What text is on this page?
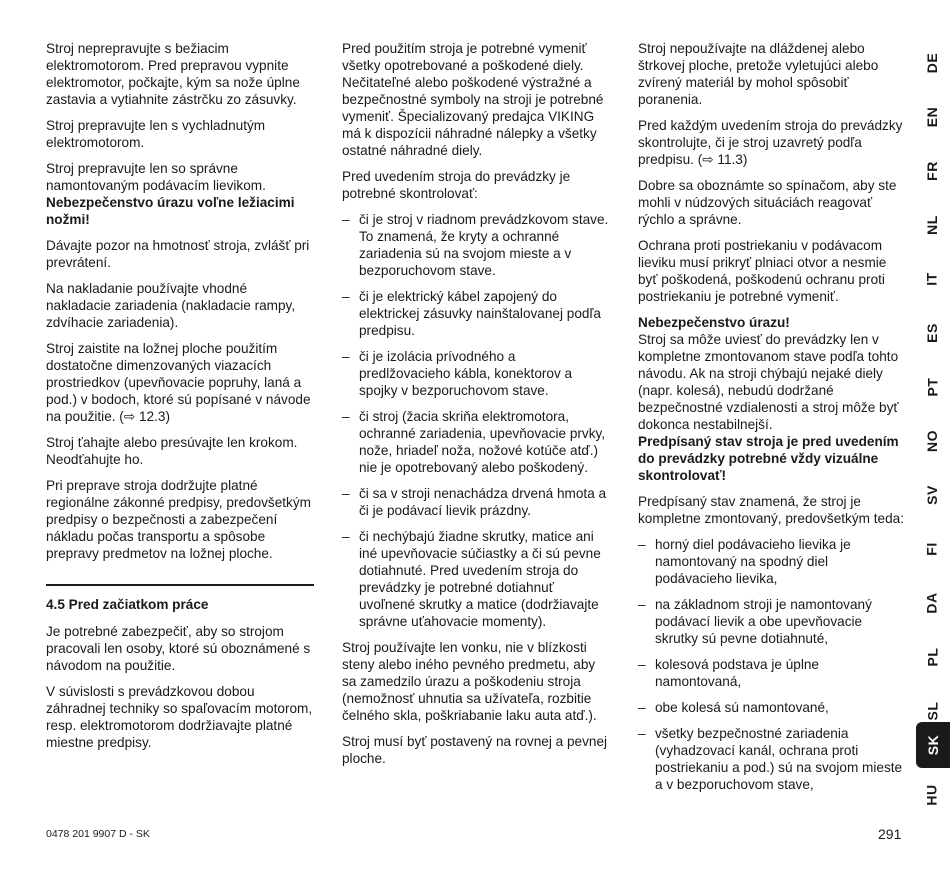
Stroj neprepravujte s bežiacim elektromotorom. Pred prepravou vypnite elektromotor, počkajte, kým sa nože úplne zastavia a vytiahnite zástrčku zo zásuvky.

Stroj prepravujte len s vychladnutým elektromotorom.

Stroj prepravujte len so správne namontovaným podávacím lievikom. Nebezpečenstvo úrazu voľne ležiacimi nožmi!

Dávajte pozor na hmotnosť stroja, zvlášť pri prevrátení.

Na nakladanie používajte vhodné nakladacie zariadenia (nakladacie rampy, zdvíhacie zariadenia).

Stroj zaistite na ložnej ploche použitím dostatočne dimenzovaných viazacích prostriedkov (upevňovacie popruhy, laná a pod.) v bodoch, ktoré sú popísané v návode na použitie. (⇨ 12.3)

Stroj ťahajte alebo presúvajte len krokom. Neodťahujte ho.

Pri preprave stroja dodržujte platné regionálne zákonné predpisy, predovšetkým predpisy o bezpečnosti a zabezpečení nákladu počas transportu a spôsobe prepravy predmetov na ložnej ploche.

4.5 Pred začiatkom práce

Je potrebné zabezpečiť, aby so strojom pracovali len osoby, ktoré sú oboznámené s návodom na použitie.

V súvislosti s prevádzkovou dobou záhradnej techniky so spaľovacím motorom, resp. elektromotorom dodržiavajte platné miestne predpisy.

Pred použitím stroja je potrebné vymeniť všetky opotrebované a poškodené diely. Nečitateľné alebo poškodené výstražné a bezpečnostné symboly na stroji je potrebné vymeniť. Špecializovaný predajca VIKING má k dispozícii náhradné nálepky a všetky ostatné náhradné diely.

Pred uvedením stroja do prevádzky je potrebné skontrolovať:

– či je stroj v riadnom prevádzkovom stave. To znamená, že kryty a ochranné zariadenia sú na svojom mieste a v bezporuchovom stave.
– či je elektrický kábel zapojený do elektrickej zásuvky nainštalovanej podľa predpisu.
– či je izolácia prívodného a predlžovacieho kábla, konektorov a spojky v bezporuchovom stave.
– či stroj (žacia skriňa elektromotora, ochranné zariadenia, upevňovacie prvky, nože, hriadeľ noža, nožové kotúče atď.) nie je opotrebovaný alebo poškodený.
– či sa v stroji nenachádza drvená hmota a či je podávací lievik prázdny.
– či nechýbajú žiadne skrutky, matice ani iné upevňovacie súčiastky a či sú pevne dotiahnuté. Pred uvedením stroja do prevádzky je potrebné dotiahnuť uvoľnené skrutky a matice (dodržiavajte správne uťahovacie momenty).

Stroj používajte len vonku, nie v blízkosti steny alebo iného pevného predmetu, aby sa zamedzilo úrazu a poškodeniu stroja (nemožnosť uhnutia sa užívateľa, rozbitie čelného skla, poškriabanie laku auta atď.).

Stroj musí byť postavený na rovnej a pevnej ploche.

Stroj nepoužívajte na dláždenej alebo štrkovej ploche, pretože vyletujúci alebo zvírený materiál by mohol spôsobiť poranenia.

Pred každým uvedením stroja do prevádzky skontrolujte, či je stroj uzavretý podľa predpisu. (⇨ 11.3)

Dobre sa oboznámte so spínačom, aby ste mohli v núdzových situáciách reagovať rýchlo a správne.

Ochrana proti postriekaniu v podávacom lieviku musí prikryť plniaci otvor a nesmie byť poškodená, poškodenú ochranu proti postriekaniu je potrebné vymeniť.

Nebezpečenstvo úrazu!
Stroj sa môže uviesť do prevádzky len v kompletne zmontovanom stave podľa tohto návodu. Ak na stroji chýbajú nejaké diely (napr. kolesá), nebudú dodržané bezpečnostné vzdialenosti a stroj môže byť dokonca nestabilnejší.
Predpísaný stav stroja je pred uvedením do prevádzky potrebné vždy vizuálne skontrolovať!

Predpísaný stav znamená, že stroj je kompletne zmontovaný, predovšetkým teda:

– horný diel podávacieho lievika je namontovaný na spodný diel podávacieho lievika,
– na základnom stroji je namontovaný podávací lievik a obe upevňovacie skrutky sú pevne dotiahnuté,
– kolesová podstava je úplne namontovaná,
– obe kolesá sú namontované,
– všetky bezpečnostné zariadenia (vyhadzovací kanál, ochrana proti postriekaniu a pod.) sú na svojom mieste a v bezporuchovom stave,
DE
EN
FR
NL
IT
ES
PT
NO
SV
FI
DA
PL
SL
SK
HU
0478 201 9907 D - SK	291
